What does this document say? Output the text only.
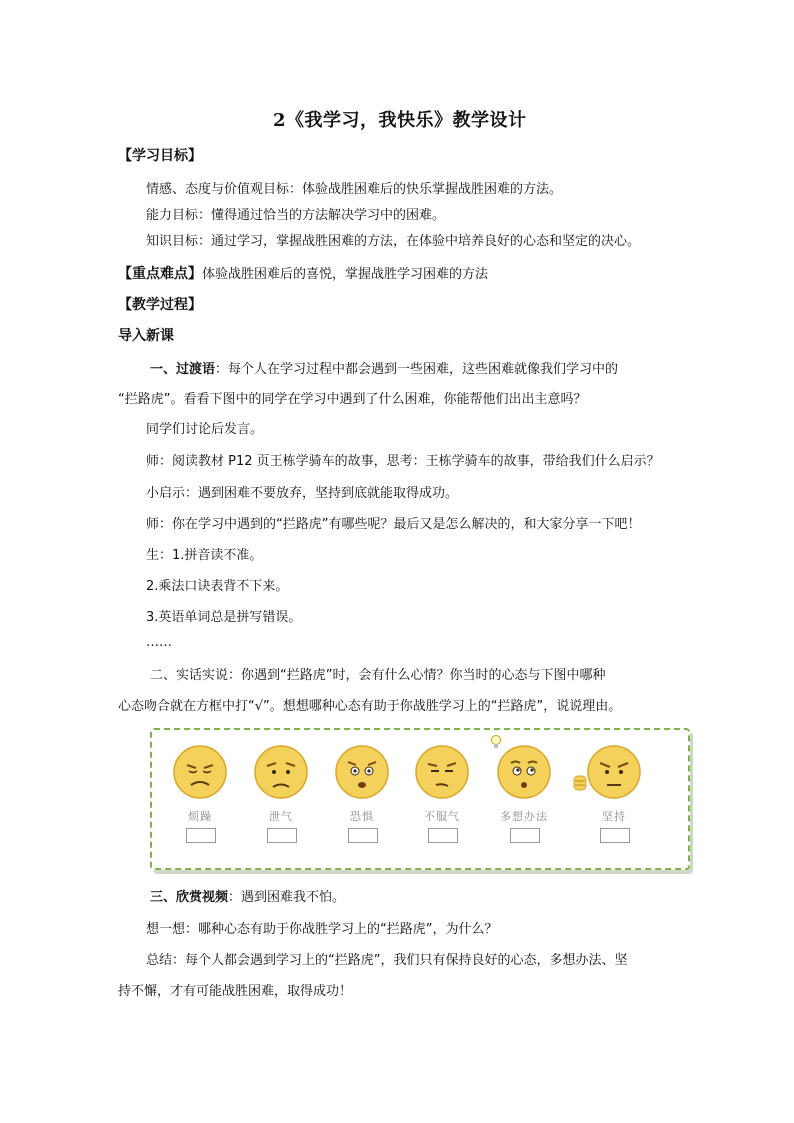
2《我学习，我快乐》教学设计
【学习目标】
情感、态度与价值观目标：体验战胜困难后的快乐掌握战胜困难的方法。
能力目标：懂得通过恰当的方法解决学习中的困难。
知识目标：通过学习，掌握战胜困难的方法，在体验中培养良好的心态和坚定的决心。
【重点难点】体验战胜困难后的喜悦，掌握战胜学习困难的方法
【教学过程】
导入新课
一、过渡语：每个人在学习过程中都会遇到一些困难，这些困难就像我们学习中的
“拦路虎”。看看下图中的同学在学习中遇到了什么困难，你能帮他们出出主意吗？
同学们讨论后发言。
师：阅读教材 P12 页王栋学骑车的故事，思考：王栋学骑车的故事，带给我们什么启示？
小启示：遇到困难不要放弃，坚持到底就能取得成功。
师：你在学习中遇到的“拦路虎”有哪些呢？最后又是怎么解决的，和大家分享一下吧！
生：1.拼音读不准。
2.乘法口诀表背不下来。
3.英语单词总是拼写错误。
……
二、实话实说：你遇到“拦路虎”时，会有什么心情？你当时的心态与下图中哪种
心态吻合就在方框中打“√”。想想哪种心态有助于你战胜学习上的“拦路虎”，说说理由。
烦躁	泄气	恐惧	不服气	多想办法	坚持
三、欣赏视频：遇到困难我不怕。
想一想：哪种心态有助于你战胜学习上的“拦路虎”，为什么？
总结：每个人都会遇到学习上的“拦路虎”，我们只有保持良好的心态，多想办法、坚
持不懈，才有可能战胜困难，取得成功！
